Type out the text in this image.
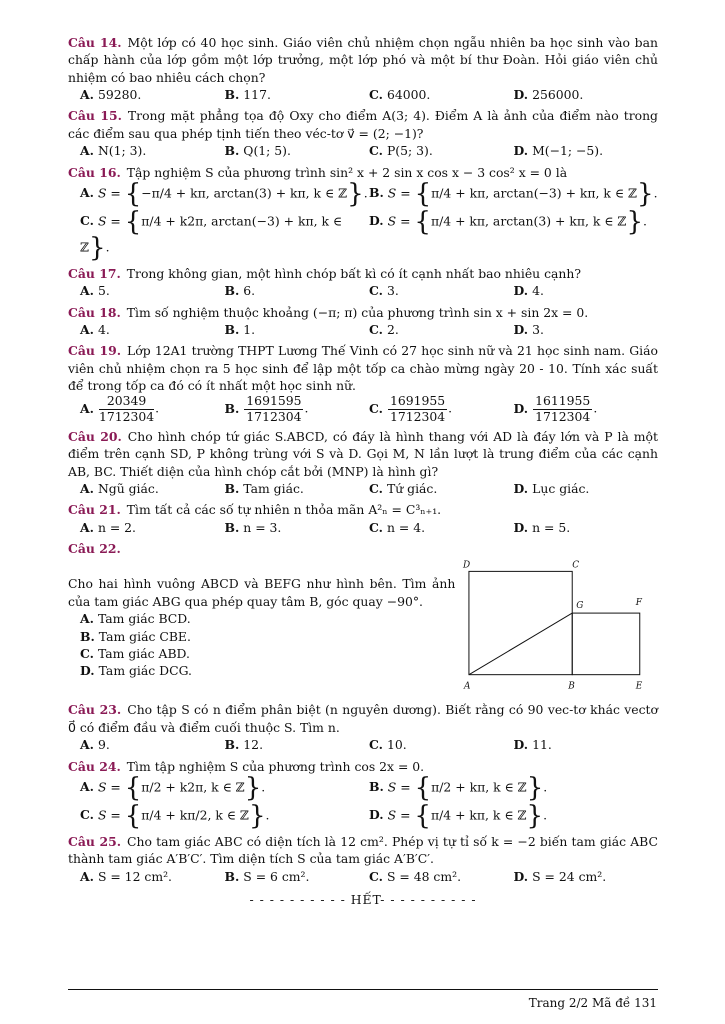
Câu 14. Một lớp có 40 học sinh. Giáo viên chủ nhiệm chọn ngẫu nhiên ba học sinh vào ban chấp hành của lớp gồm một lớp trưởng, một lớp phó và một bí thư Đoàn. Hỏi giáo viên chủ nhiệm có bao nhiêu cách chọn?
A. 59280.	B. 117.	C. 64000.	D. 256000.
Câu 15. Trong mặt phẳng tọa độ Oxy cho điểm A(3; 4). Điểm A là ảnh của điểm nào trong các điểm sau qua phép tịnh tiến theo véc-tơ v⃗ = (2; −1)?
A. N(1; 3).	B. Q(1; 5).	C. P(5; 3).	D. M(−1; −5).
Câu 16. Tập nghiệm S của phương trình sin² x + 2 sin x cos x − 3 cos² x = 0 là
A. S = {−π/4 + kπ, arctan(3) + kπ, k ∈ ℤ}. B. S = {π/4 + kπ, arctan(−3) + kπ, k ∈ ℤ}.
C. S = {π/4 + k2π, arctan(−3) + kπ, k ∈ ℤ}.
D. S = {π/4 + kπ, arctan(3) + kπ, k ∈ ℤ}.
Câu 17. Trong không gian, một hình chóp bất kì có ít cạnh nhất bao nhiêu cạnh?
A. 5.	B. 6.	C. 3.	D. 4.
Câu 18. Tìm số nghiệm thuộc khoảng (−π; π) của phương trình sin x + sin 2x = 0.
A. 4.	B. 1.	C. 2.	D. 3.
Câu 19. Lớp 12A1 trường THPT Lương Thế Vinh có 27 học sinh nữ và 21 học sinh nam. Giáo viên chủ nhiệm chọn ra 5 học sinh để lập một tốp ca chào mừng ngày 20 - 10. Tính xác suất để trong tốp ca đó có ít nhất một học sinh nữ.
A. $\frac{20349}{1712304}$ .	B. $\frac{1691595}{1712304}$ .	C. $\frac{1691955}{1712304}$ .	D. $\frac{1611955}{1712304}$ .
Câu 20. Cho hình chóp tứ giác S.ABCD, có đáy là hình thang với AD là đáy lớn và P là một điểm trên cạnh SD, P không trùng với S và D. Gọi M, N lần lượt là trung điểm của các cạnh AB, BC. Thiết diện của hình chóp cắt bởi (MNP) là hình gì?
A. Ngũ giác.	B. Tam giác.	C. Tứ giác.	D. Lục giác.
Câu 21. Tìm tất cả các số tự nhiên n thỏa mãn A²ₙ = C³ₙ₊₁.
A. n = 2.	B. n = 3.	C. n = 4.	D. n = 5.
Câu 22.
Cho hai hình vuông ABCD và BEFG như hình bên. Tìm ảnh của tam giác ABG qua phép quay tâm B, góc quay −90°.
A. Tam giác BCD.
B. Tam giác CBE.
C. Tam giác ABD.
D. Tam giác DCG.
D	C
G	F
A	B	E
Câu 23. Cho tập S có n điểm phân biệt (n nguyên dương). Biết rằng có 90 vec-tơ khác vectơ 0⃗ có điểm đầu và điểm cuối thuộc S. Tìm n.
A. 9.	B. 12.	C. 10.	D. 11.
Câu 24. Tìm tập nghiệm S của phương trình cos 2x = 0.
A. S = {π/2 + k2π, k ∈ ℤ}.	B. S = {π/2 + kπ, k ∈ ℤ}.
C. S = {π/4 + kπ/2, k ∈ ℤ}.	D. S = {π/4 + kπ, k ∈ ℤ}.
Câu 25. Cho tam giác ABC có diện tích là 12 cm². Phép vị tự tỉ số k = −2 biến tam giác ABC thành tam giác A′B′C′. Tìm diện tích S của tam giác A′B′C′.
A. S = 12 cm².	B. S = 6 cm².	C. S = 48 cm².	D. S = 24 cm².
- - - - - - - - - - HẾT- - - - - - - - - -
Trang 2/2 Mã đề 131
